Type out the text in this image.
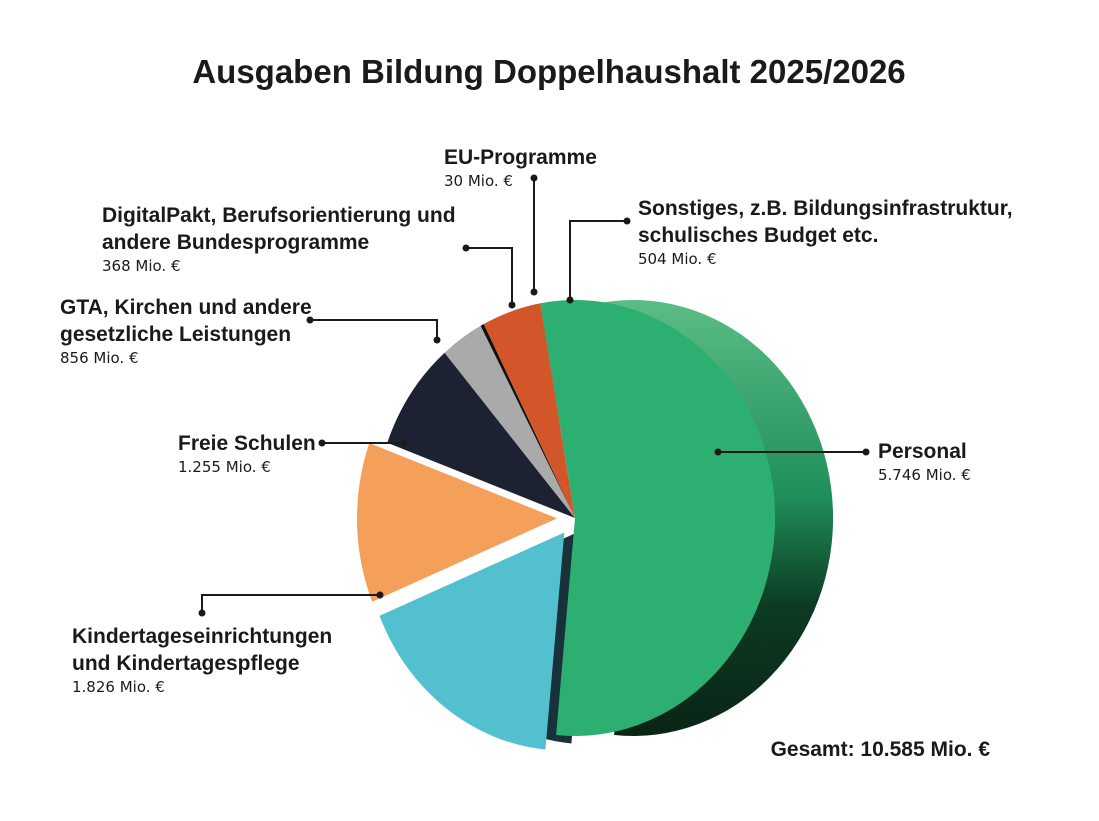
Ausgaben Bildung Doppelhaushalt 2025/2026
Personal
5.746 Mio. €
Kindertageseinrichtungen
und Kindertagespflege
1.826 Mio. €
Freie Schulen
1.255 Mio. €
GTA, Kirchen und andere
gesetzliche Leistungen
856 Mio. €
DigitalPakt, Berufsorientierung und
andere Bundesprogramme
368 Mio. €
EU-Programme
30 Mio. €
Sonstiges, z.B. Bildungsinfrastruktur,
schulisches Budget etc.
504 Mio. €
Gesamt: 10.585 Mio. €
